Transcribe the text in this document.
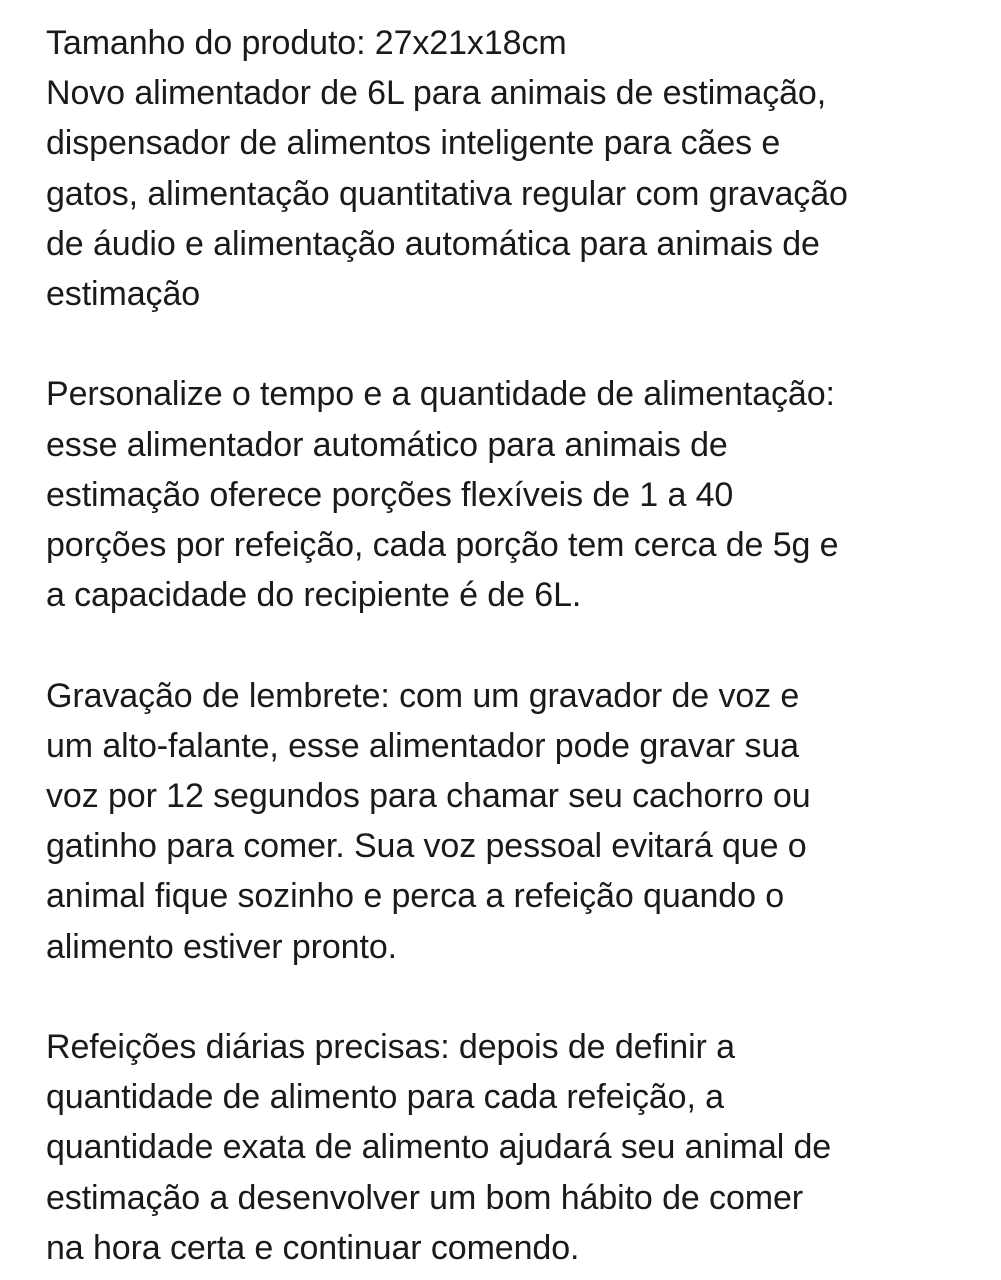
Tamanho do produto: 27x21x18cm
Novo alimentador de 6L para animais de estimação,
dispensador de alimentos inteligente para cães e
gatos, alimentação quantitativa regular com gravação
de áudio e alimentação automática para animais de
estimação

Personalize o tempo e a quantidade de alimentação:
esse alimentador automático para animais de
estimação oferece porções flexíveis de 1 a 40
porções por refeição, cada porção tem cerca de 5g e
a capacidade do recipiente é de 6L.

Gravação de lembrete: com um gravador de voz e
um alto-falante, esse alimentador pode gravar sua
voz por 12 segundos para chamar seu cachorro ou
gatinho para comer. Sua voz pessoal evitará que o
animal fique sozinho e perca a refeição quando o
alimento estiver pronto.

Refeições diárias precisas: depois de definir a
quantidade de alimento para cada refeição, a
quantidade exata de alimento ajudará seu animal de
estimação a desenvolver um bom hábito de comer
na hora certa e continuar comendo.
